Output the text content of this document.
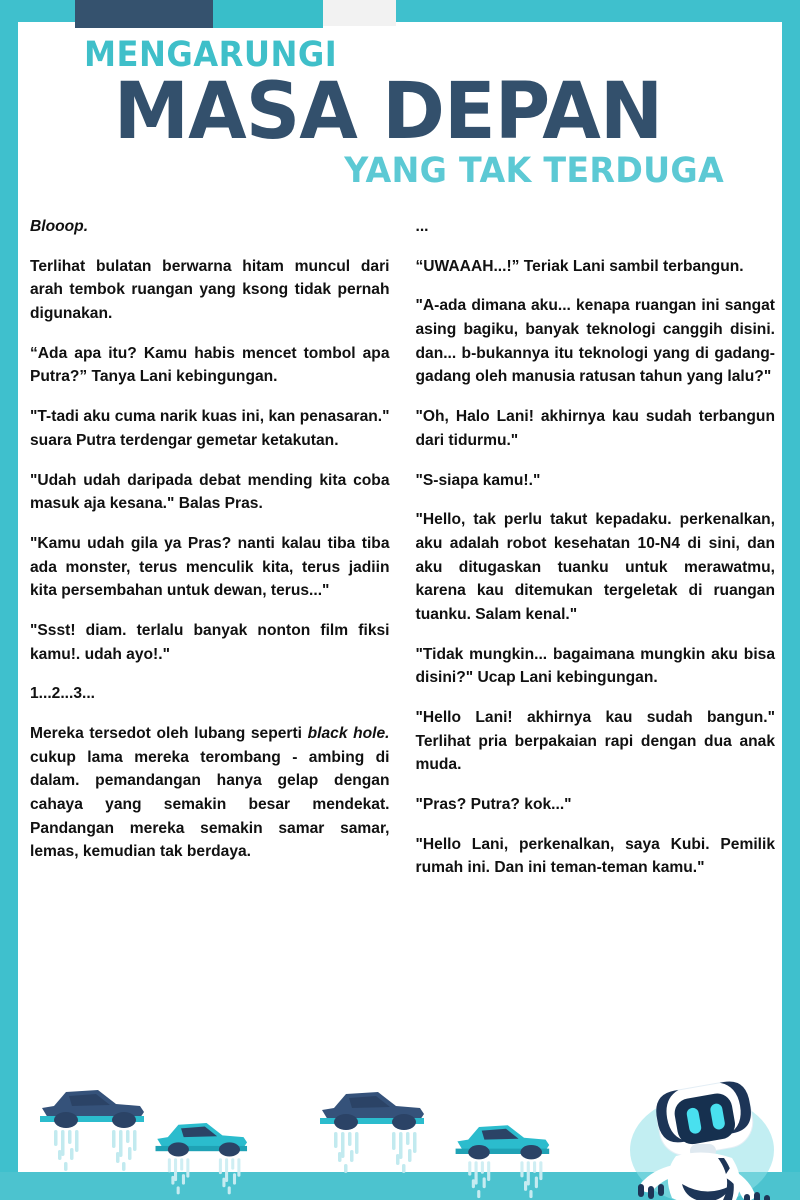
MENGARUNGI
MASA DEPAN
YANG TAK TERDUGA

Blooop.

Terlihat bulatan berwarna hitam muncul dari arah tembok ruangan yang ksong tidak pernah digunakan.

“Ada apa itu? Kamu habis mencet tombol apa Putra?” Tanya Lani kebingungan.

"T-tadi aku cuma narik kuas ini, kan penasaran." suara Putra terdengar gemetar ketakutan.

"Udah udah daripada debat mending kita coba masuk aja kesana." Balas Pras.

"Kamu udah gila ya Pras? nanti kalau tiba tiba ada monster, terus menculik kita, terus jadiin kita persembahan untuk dewan, terus..."

"Ssst! diam. terlalu banyak nonton film fiksi kamu!. udah ayo!."

1...2...3...

Mereka tersedot oleh lubang seperti black hole. cukup lama mereka terombang - ambing di dalam. pemandangan hanya gelap dengan cahaya yang semakin besar mendekat. Pandangan mereka semakin samar samar, lemas, kemudian tak berdaya.

...

“UWAAAH...!” Teriak Lani sambil terbangun.

"A-ada dimana aku... kenapa ruangan ini sangat asing bagiku, banyak teknologi canggih disini. dan... b-bukannya itu teknologi yang di gadang-gadang oleh manusia ratusan tahun yang lalu?"

"Oh, Halo Lani! akhirnya kau sudah terbangun dari tidurmu."

"S-siapa kamu!."

"Hello, tak perlu takut kepadaku. perkenalkan, aku adalah robot kesehatan 10-N4 di sini, dan aku ditugaskan tuanku untuk merawatmu, karena kau ditemukan tergeletak di ruangan tuanku. Salam kenal."

"Tidak mungkin... bagaimana mungkin aku bisa disini?" Ucap Lani kebingungan.

"Hello Lani! akhirnya kau sudah bangun." Terlihat pria berpakaian rapi dengan dua anak muda.

"Pras? Putra? kok..."

"Hello Lani, perkenalkan, saya Kubi. Pemilik rumah ini. Dan ini teman-teman kamu."
